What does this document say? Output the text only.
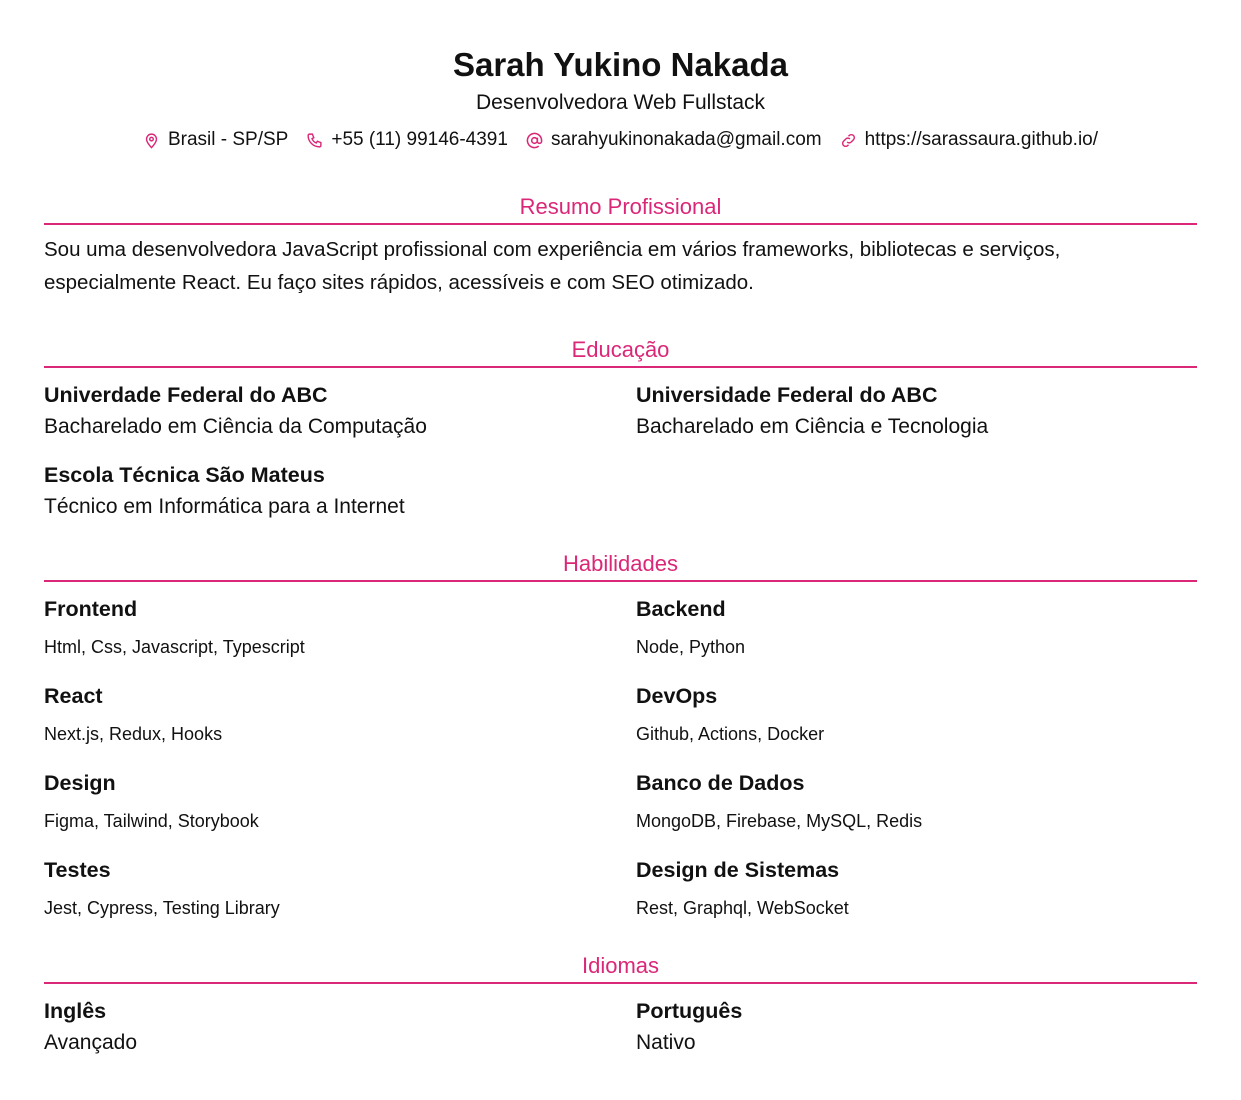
Sarah Yukino Nakada
Desenvolvedora Web Fullstack
Brasil - SP/SP +55 (11) 99146-4391 sarahyukinonakada@gmail.com https://sarassaura.github.io/
Resumo Profissional
Sou uma desenvolvedora JavaScript profissional com experiência em vários frameworks, bibliotecas e serviços, especialmente React. Eu faço sites rápidos, acessíveis e com SEO otimizado.
Educação
Univerdade Federal do ABC
Bacharelado em Ciência da Computação
Universidade Federal do ABC
Bacharelado em Ciência e Tecnologia
Escola Técnica São Mateus
Técnico em Informática para a Internet
Habilidades
Frontend
Html, Css, Javascript, Typescript
Backend
Node, Python
React
Next.js, Redux, Hooks
DevOps
Github, Actions, Docker
Design
Figma, Tailwind, Storybook
Banco de Dados
MongoDB, Firebase, MySQL, Redis
Testes
Jest, Cypress, Testing Library
Design de Sistemas
Rest, Graphql, WebSocket
Idiomas
Inglês
Avançado
Português
Nativo
